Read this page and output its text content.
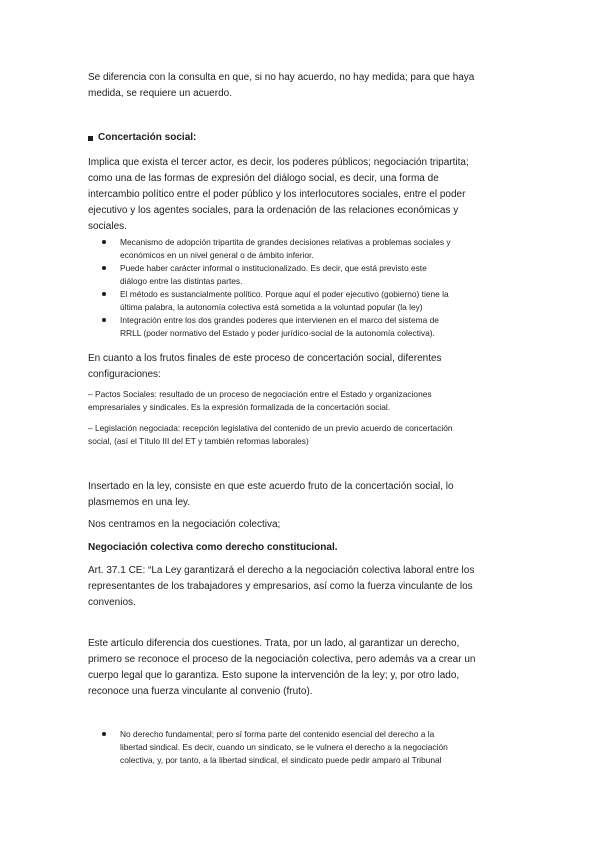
Se diferencia con la consulta en que, si no hay acuerdo, no hay medida; para que haya
medida, se requiere un acuerdo.

Concertación social:

Implica que exista el tercer actor, es decir, los poderes públicos; negociación tripartita;
como una de las formas de expresión del diálogo social, es decir, una forma de
intercambio político entre el poder público y los interlocutores sociales, entre el poder
ejecutivo y los agentes sociales, para la ordenación de las relaciones económicas y
sociales.

Mecanismo de adopción tripartita de grandes decisiones relativas a problemas sociales y
económicos en un nivel general o de ámbito inferior.
Puede haber carácter informal o institucionalizado. Es decir, que está previsto este
diálogo entre las distintas partes.
El método es sustancialmente político. Porque aquí el poder ejecutivo (gobierno) tiene la
última palabra, la autonomía colectiva está sometida a la voluntad popular (la ley)
Integración entre los dos grandes poderes que intervienen en el marco del sistema de
RRLL (poder normativo del Estado y poder jurídico-social de la autonomía colectiva).

En cuanto a los frutos finales de este proceso de concertación social, diferentes
configuraciones:

– Pactos Sociales: resultado de un proceso de negociación entre el Estado y organizaciones
empresariales y sindicales. Es la expresión formalizada de la concertación social.

– Legislación negociada: recepción legislativa del contenido de un previo acuerdo de concertación
social, (así el Título III del ET y también reformas laborales)

Insertado en la ley, consiste en que este acuerdo fruto de la concertación social, lo
plasmemos en una ley.

Nos centramos en la negociación colectiva;

Negociación colectiva como derecho constitucional.

Art. 37.1 CE: “La Ley garantizará el derecho a la negociación colectiva laboral entre los
representantes de los trabajadores y empresarios, así como la fuerza vinculante de los
convenios.

Este artículo diferencia dos cuestiones. Trata, por un lado, al garantizar un derecho,
primero se reconoce el proceso de la negociación colectiva, pero además va a crear un
cuerpo legal que lo garantiza. Esto supone la intervención de la ley; y, por otro lado,
reconoce una fuerza vinculante al convenio (fruto).

No derecho fundamental; pero sí forma parte del contenido esencial del derecho a la
libertad sindical. Es decir, cuando un sindicato, se le vulnera el derecho a la negociación
colectiva, y, por tanto, a la libertad sindical, el sindicato puede pedir amparo al Tribunal
